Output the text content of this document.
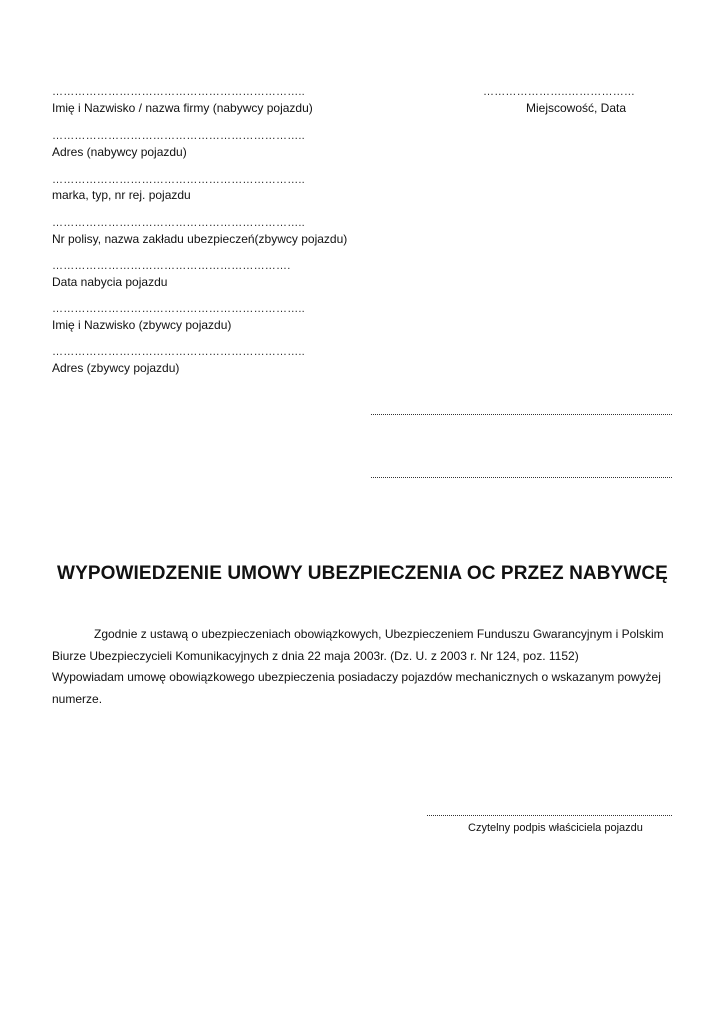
…………………………………………………………..
Imię i Nazwisko / nazwa firmy (nabywcy pojazdu)
…………………………………………………………..
Adres (nabywcy pojazdu)
…………………………………………………………..
marka, typ, nr rej. pojazdu
…………………………………………………………..
Nr polisy, nazwa zakładu ubezpieczeń(zbywcy pojazdu)
……………………………………………………….
Data nabycia pojazdu
…………………………………………………………..
Imię i Nazwisko (zbywcy pojazdu)
…………………………………………………………..
Adres (zbywcy pojazdu)
…………………..………………
Miejscowość, Data
WYPOWIEDZENIE UMOWY UBEZPIECZENIA OC PRZEZ NABYWCĘ
Zgodnie z ustawą o ubezpieczeniach obowiązkowych, Ubezpieczeniem Funduszu Gwarancyjnym i Polskim
Biurze Ubezpieczycieli Komunikacyjnych z dnia 22 maja 2003r. (Dz. U. z 2003 r. Nr 124, poz. 1152)
Wypowiadam umowę obowiązkowego ubezpieczenia posiadaczy pojazdów mechanicznych o wskazanym powyżej
numerze.
Czytelny podpis właściciela pojazdu
